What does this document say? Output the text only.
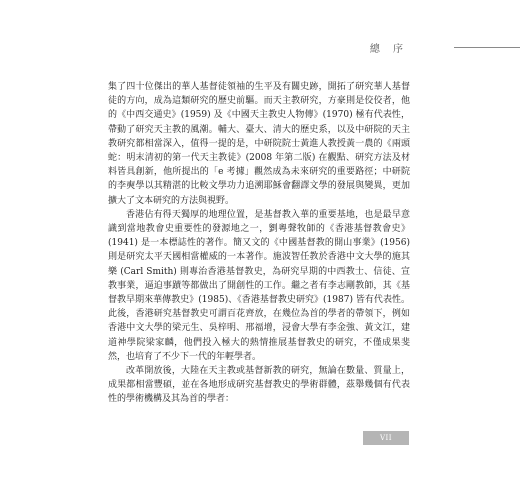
總 序

集了四十位傑出的華人基督徒領袖的生平及有關史跡，開拓了研究華人基督徒的方向，成為這類研究的歷史前驅。而天主教研究，方豪則是佼佼者，他的《中西交通史》(1959) 及《中國天主教史人物傳》(1970) 極有代表性，帶動了研究天主教的風潮。輔大、臺大、清大的歷史系，以及中研院的天主教研究都相當深入，值得一提的是，中研院院士黃進人教授黃一農的《兩頭蛇：明末清初的第一代天主教徒》(2008 年第二版) 在觀點、研究方法及材料皆具創新，他所提出的「e 考據」觀然成為未來研究的重要路徑；中研院的李奭學以其精湛的比較文學功力追溯耶穌會翻譯文學的發展與變異，更加擴大了文本研究的方法與視野。

香港佔有得天獨厚的地理位置，是基督教入華的重要基地，也是最早意識到當地教會史重要性的發源地之一，劉粵聲牧師的《香港基督教會史》(1941) 是一本標誌性的著作。簡又文的《中國基督教的開山事業》(1956) 則是研究太平天國相當權威的一本著作。施波智任教於香港中文大學的施其樂 (Carl Smith) 則專治香港基督教史，為研究早期的中西教士、信徒、宣教事業，逼迫事蹟等都做出了開創性的工作。繼之者有李志剛教師，其《基督教早期來華傳教史》(1985)、《香港基督教史研究》(1987) 皆有代表性。此後，香港研究基督教史可謂百花齊放，在幾位為首的學者的帶領下，例如香港中文大學的梁元生、吳梓明、邢福增，浸會大學有李金強、黃文江，建道神學院梁家麟，他們投入極大的熱情推展基督教史的研究，不僅成果斐然，也培育了不少下一代的年輕學者。

改革開放後，大陸在天主教或基督新教的研究，無論在數量、質量上，成果都相當豐碩，並在各地形成研究基督教史的學術群體，茲舉幾個有代表性的學術機構及其為首的學者：

VII
